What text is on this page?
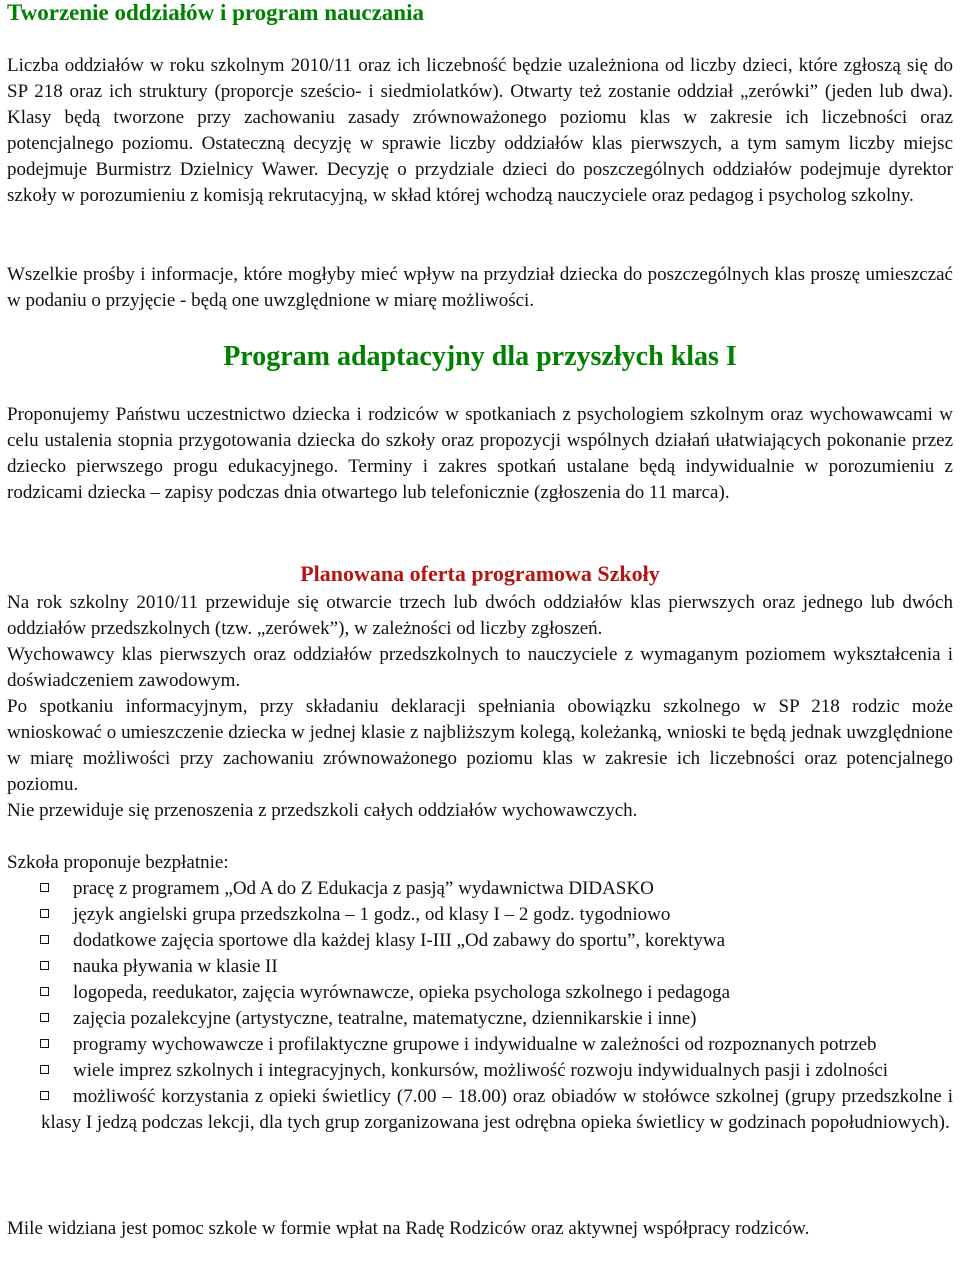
Tworzenie oddziałów i program nauczania
Liczba oddziałów w roku szkolnym 2010/11 oraz ich liczebność będzie uzależniona od liczby dzieci, które zgłoszą się do SP 218 oraz ich struktury (proporcje sześcio- i siedmiolatków). Otwarty też zostanie oddział „zerówki” (jeden lub dwa). Klasy będą tworzone przy zachowaniu zasady zrównoważonego poziomu klas w zakresie ich liczebności oraz potencjalnego poziomu. Ostateczną decyzję w sprawie liczby oddziałów klas pierwszych, a tym samym liczby miejsc podejmuje Burmistrz Dzielnicy Wawer. Decyzję o przydziale dzieci do poszczególnych oddziałów podejmuje dyrektor szkoły w porozumieniu z komisją rekrutacyjną, w skład której wchodzą nauczyciele oraz pedagog i psycholog szkolny.
Wszelkie prośby i informacje, które mogłyby mieć wpływ na przydział dziecka do poszczególnych klas proszę umieszczać w podaniu o przyjęcie - będą one uwzględnione w miarę możliwości.
Program adaptacyjny dla przyszłych klas I
Proponujemy Państwu uczestnictwo dziecka i rodziców w spotkaniach z psychologiem szkolnym oraz wychowawcami w celu ustalenia stopnia przygotowania dziecka do szkoły oraz propozycji wspólnych działań ułatwiających pokonanie przez dziecko pierwszego progu edukacyjnego. Terminy i zakres spotkań ustalane będą indywidualnie w porozumieniu z rodzicami dziecka – zapisy podczas dnia otwartego lub telefonicznie (zgłoszenia do 11 marca).
Planowana oferta programowa Szkoły
Na rok szkolny 2010/11 przewiduje się otwarcie trzech lub dwóch oddziałów klas pierwszych oraz jednego lub dwóch oddziałów przedszkolnych (tzw. „zerówek”), w zależności od liczby zgłoszeń.
Wychowawcy klas pierwszych oraz oddziałów przedszkolnych to nauczyciele z wymaganym poziomem wykształcenia i doświadczeniem zawodowym.
Po spotkaniu informacyjnym, przy składaniu deklaracji spełniania obowiązku szkolnego w SP 218 rodzic może wnioskować o umieszczenie dziecka w jednej klasie z najbliższym kolegą, koleżanką, wnioski te będą jednak uwzględnione w miarę możliwości przy zachowaniu zrównoważonego poziomu klas w zakresie ich liczebności oraz potencjalnego poziomu.
Nie przewiduje się przenoszenia z przedszkoli całych oddziałów wychowawczych.
Szkoła proponuje bezpłatnie:
pracę z programem „Od A do Z Edukacja z pasją” wydawnictwa DIDASKO
język angielski grupa przedszkolna – 1 godz., od klasy I – 2 godz. tygodniowo
dodatkowe zajęcia sportowe dla każdej klasy I-III „Od zabawy do sportu”, korektywa
nauka pływania w klasie II
logopeda, reedukator, zajęcia wyrównawcze, opieka psychologa szkolnego i pedagoga
zajęcia pozalekcyjne (artystyczne, teatralne, matematyczne, dziennikarskie i inne)
programy wychowawcze i profilaktyczne grupowe i indywidualne w zależności od rozpoznanych potrzeb
wiele imprez szkolnych i integracyjnych, konkursów, możliwość rozwoju indywidualnych pasji i zdolności
możliwość korzystania z opieki świetlicy (7.00 – 18.00) oraz obiadów w stołówce szkolnej (grupy przedszkolne i klasy I jedzą podczas lekcji, dla tych grup zorganizowana jest odrębna opieka świetlicy w godzinach popołudniowych).
Mile widziana jest pomoc szkole w formie wpłat na Radę Rodziców oraz aktywnej współpracy rodziców.
